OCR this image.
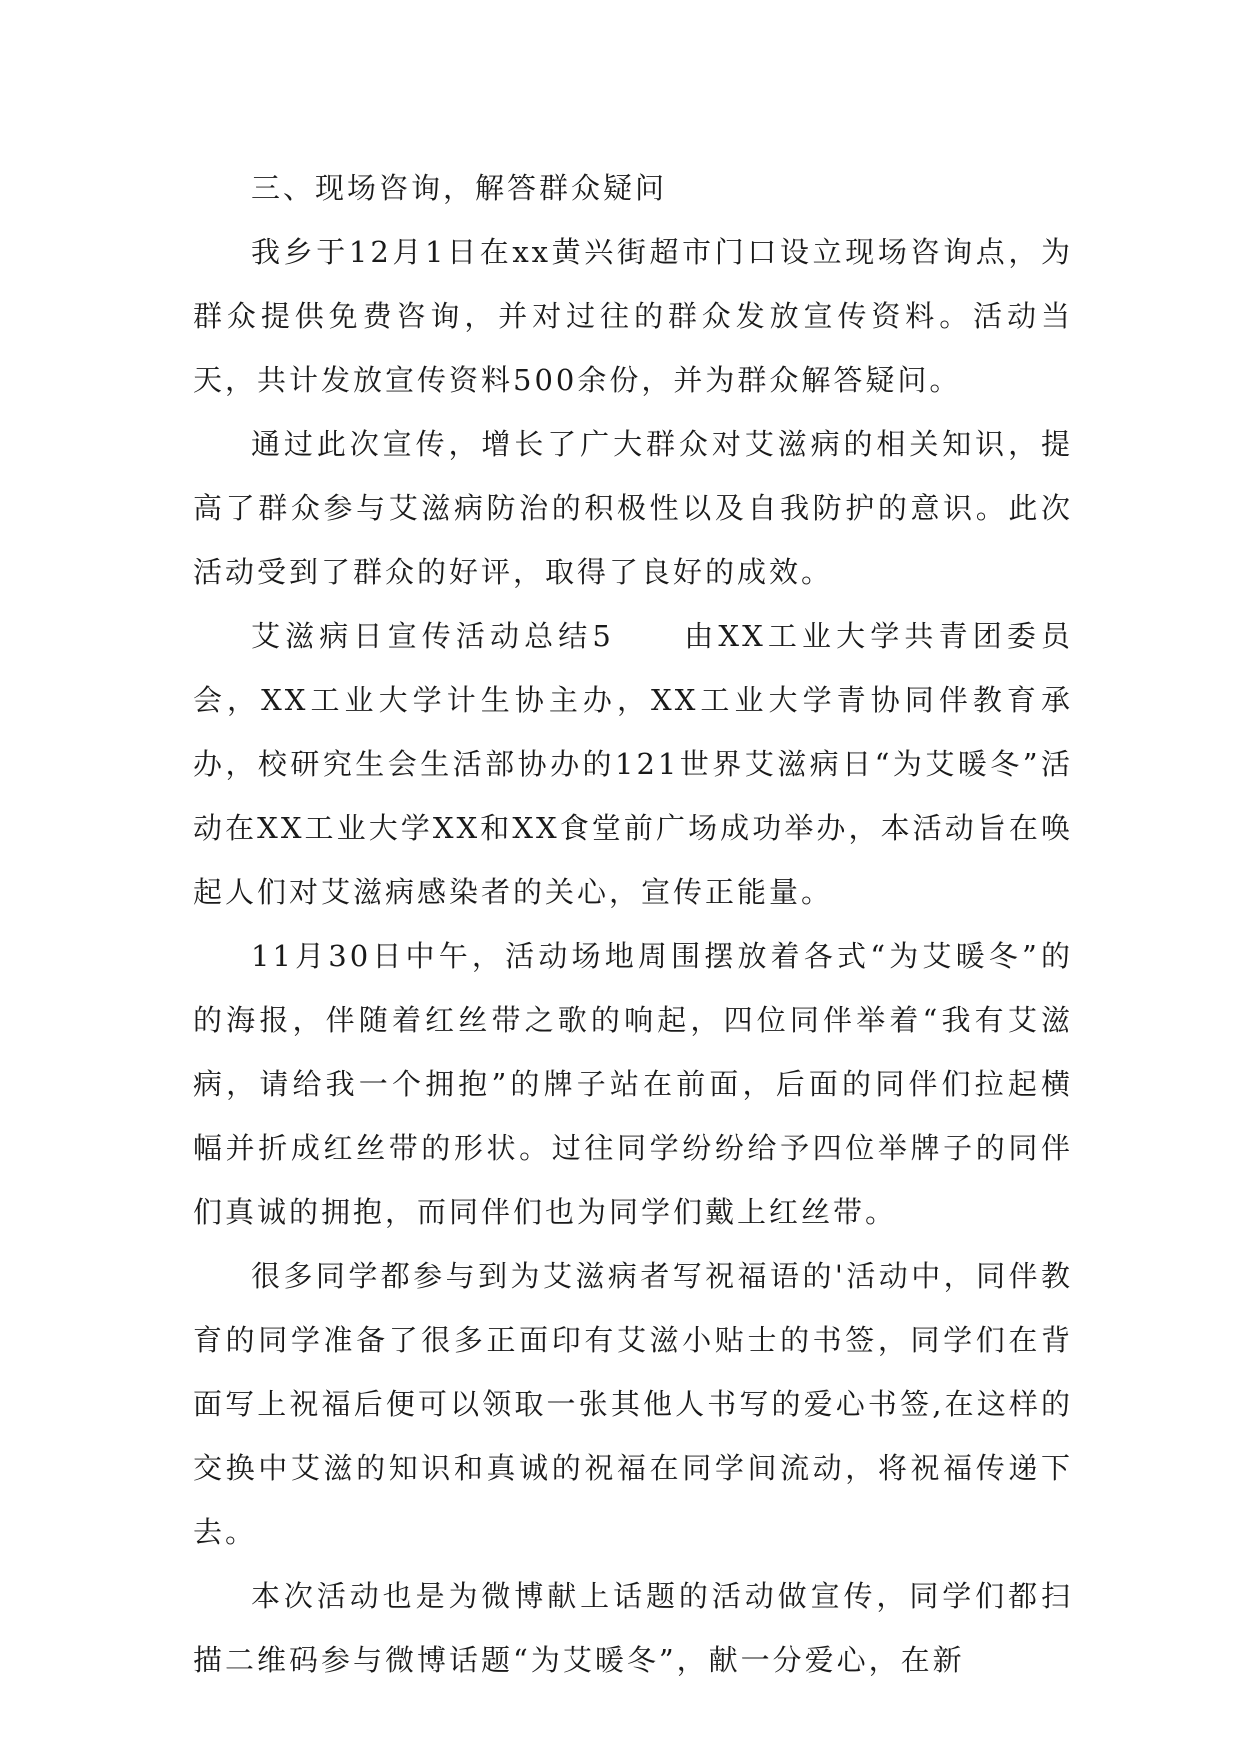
三、现场咨询，解答群众疑问

我乡于12月1日在xx黄兴街超市门口设立现场咨询点，为群众提供免费咨询，并对过往的群众发放宣传资料。活动当天，共计发放宣传资料500余份，并为群众解答疑问。

通过此次宣传，增长了广大群众对艾滋病的相关知识，提高了群众参与艾滋病防治的积极性以及自我防护的意识。此次活动受到了群众的好评，取得了良好的成效。

艾滋病日宣传活动总结5　　由XX工业大学共青团委员会，XX工业大学计生协主办，XX工业大学青协同伴教育承办，校研究生会生活部协办的121世界艾滋病日“为艾暖冬”活动在XX工业大学XX和XX食堂前广场成功举办，本活动旨在唤起人们对艾滋病感染者的关心，宣传正能量。

11月30日中午，活动场地周围摆放着各式“为艾暖冬”的的海报，伴随着红丝带之歌的响起，四位同伴举着“我有艾滋病，请给我一个拥抱”的牌子站在前面，后面的同伴们拉起横幅并折成红丝带的形状。过往同学纷纷给予四位举牌子的同伴们真诚的拥抱，而同伴们也为同学们戴上红丝带。

很多同学都参与到为艾滋病者写祝福语的'活动中，同伴教育的同学准备了很多正面印有艾滋小贴士的书签，同学们在背面写上祝福后便可以领取一张其他人书写的爱心书签,在这样的交换中艾滋的知识和真诚的祝福在同学间流动，将祝福传递下去。

本次活动也是为微博献上话题的活动做宣传，同学们都扫描二维码参与微博话题“为艾暖冬”，献一分爱心，在新
